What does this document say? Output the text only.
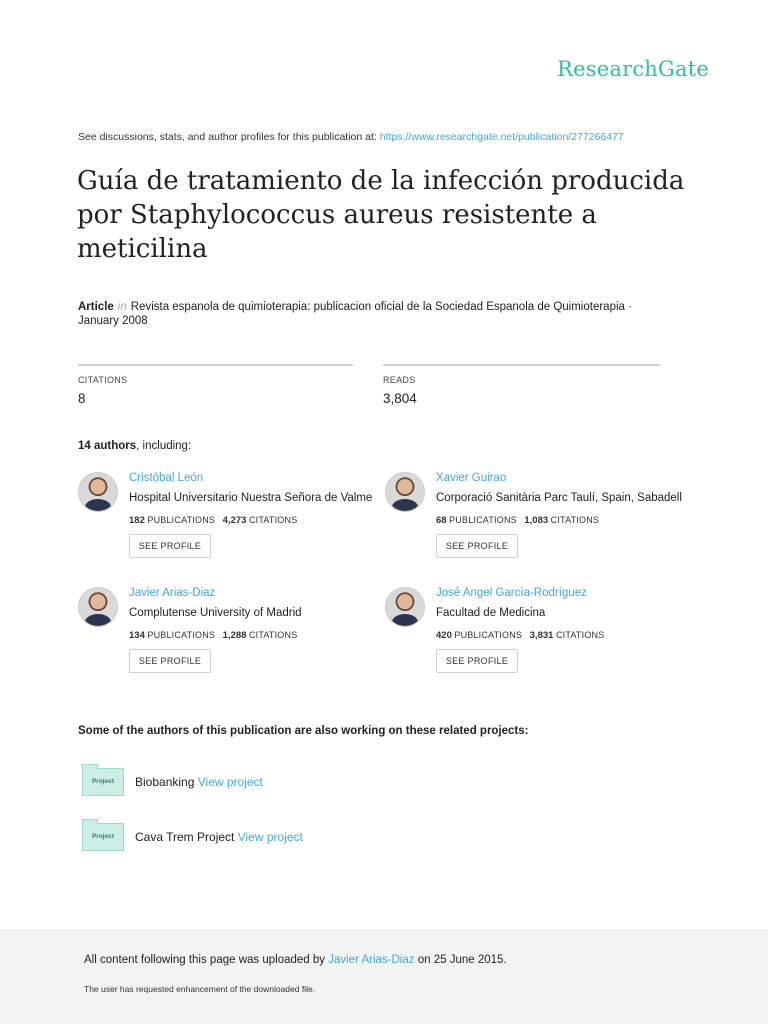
ResearchGate
See discussions, stats, and author profiles for this publication at: https://www.researchgate.net/publication/277266477
Guía de tratamiento de la infección producida por Staphylococcus aureus resistente a meticilina
Article in Revista espanola de quimioterapia: publicacion oficial de la Sociedad Espanola de Quimioterapia ·
January 2008
CITATIONS
8
READS
3,804
14 authors, including:
Cristóbal León
Hospital Universitario Nuestra Señora de Valme
182 PUBLICATIONS 4,273 CITATIONS
SEE PROFILE
Xavier Guirao
Corporació Sanitària Parc Taulí, Spain, Sabadell
68 PUBLICATIONS 1,083 CITATIONS
SEE PROFILE
Javier Arias-Diaz
Complutense University of Madrid
134 PUBLICATIONS 1,288 CITATIONS
SEE PROFILE
José Angel García-Rodríguez
Facultad de Medicina
420 PUBLICATIONS 3,831 CITATIONS
SEE PROFILE
Some of the authors of this publication are also working on these related projects:
Project	Biobanking View project
Project	Cava Trem Project View project
All content following this page was uploaded by Javier Arias-Diaz on 25 June 2015.
The user has requested enhancement of the downloaded file.
